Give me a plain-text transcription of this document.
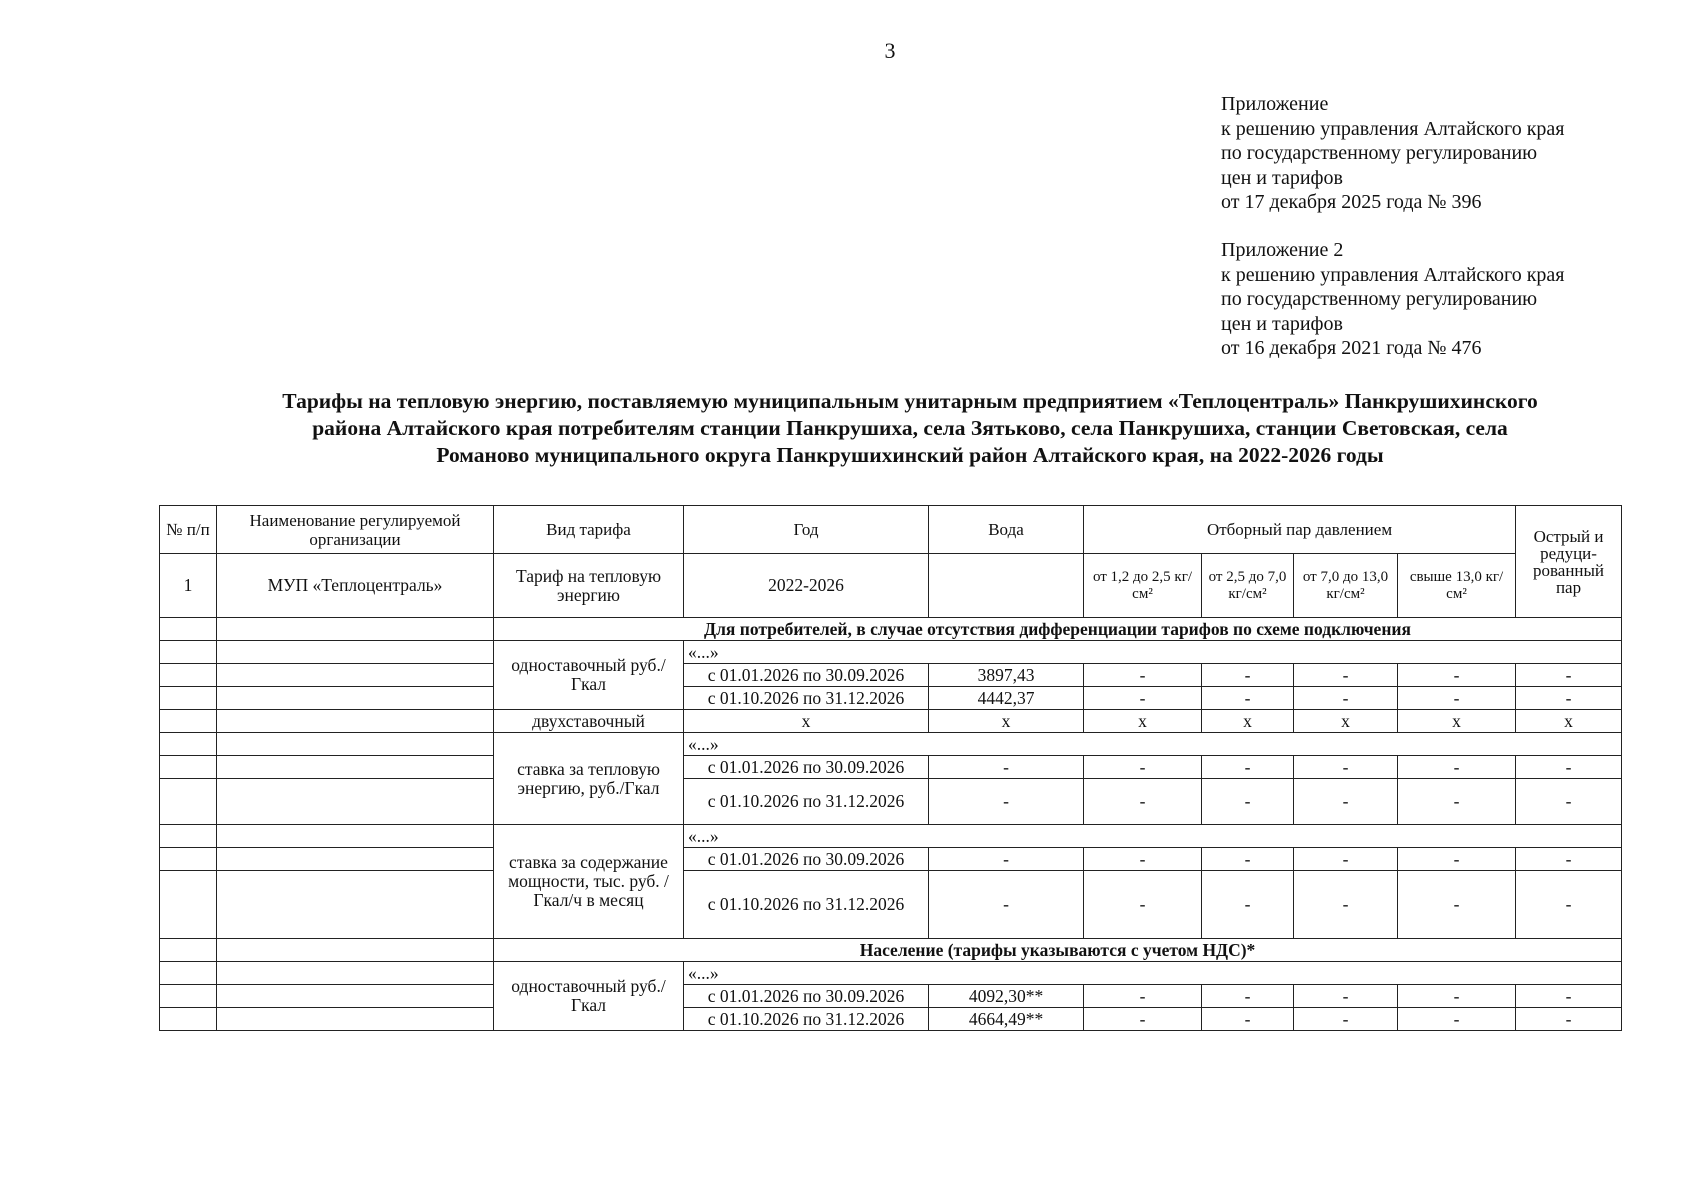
3
Приложение
к решению управления Алтайского края
по государственному регулированию
цен и тарифов
от 17 декабря 2025 года № 396
Приложение 2
к решению управления Алтайского края
по государственному регулированию
цен и тарифов
от 16 декабря 2021 года № 476
Тарифы на тепловую энергию, поставляемую муниципальным унитарным предприятием «Теплоцентраль» Панкрушихинского
района Алтайского края потребителям станции Панкрушиха, села Зятьково, села Панкрушиха, станции Световская, села
Романово муниципального округа Панкрушихинский район Алтайского края, на 2022-2026 годы
№ п/п	Наименование регулируемой организации	Вид тарифа	Год	Вода	Отборный пар давлением				Острый и редуци-рованный пар
1	МУП «Теплоцентраль»	Тариф на тепловую энергию	2022-2026		от 1,2 до 2,5 кг/см²	от 2,5 до 7,0 кг/см²	от 7,0 до 13,0 кг/см²	свыше 13,0 кг/см²	
		Для потребителей, в случае отсутствия дифференциации тарифов по схеме подключения							
		одноставочный руб./Гкал	«...»						
			с 01.01.2026 по 30.09.2026	3897,43	-	-	-	-	-
			с 01.10.2026 по 31.12.2026	4442,37	-	-	-	-	-
		двухставочный	х	х	х	х	х	х	х
		ставка за тепловую энергию, руб./Гкал	«...»						
			с 01.01.2026 по 30.09.2026	-	-	-	-	-	-
			с 01.10.2026 по 31.12.2026	-	-	-	-	-	-
		ставка за содержание мощности, тыс. руб. /Гкал/ч в месяц	«...»						
			с 01.01.2026 по 30.09.2026	-	-	-	-	-	-
			с 01.10.2026 по 31.12.2026	-	-	-	-	-	-
		Население (тарифы указываются с учетом НДС)*							
		одноставочный руб./Гкал	«...»						
			с 01.01.2026 по 30.09.2026	4092,30**	-	-	-	-	-
			с 01.10.2026 по 31.12.2026	4664,49**	-	-	-	-	-
